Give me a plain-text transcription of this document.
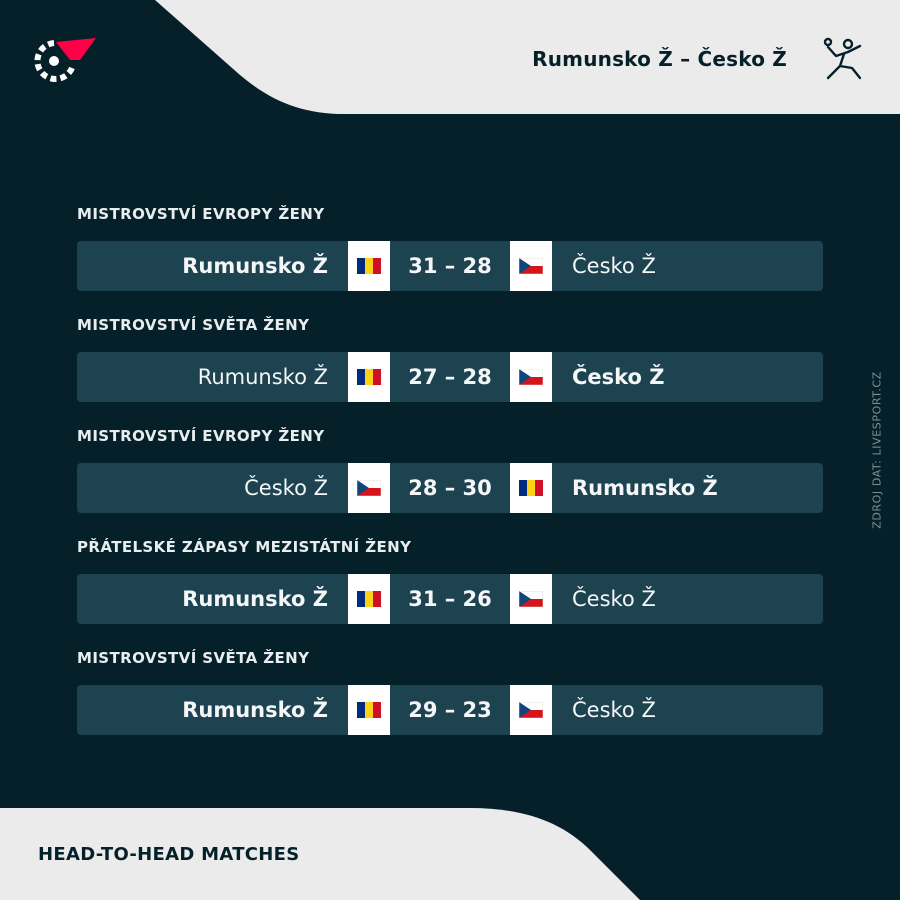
Rumunsko Ž – Česko Ž
ZDROJ DAT: LIVESPORT.CZ
MISTROVSTVÍ EVROPY ŽENY
Rumunsko Ž	31 – 28	Česko Ž
MISTROVSTVÍ SVĚTA ŽENY
Rumunsko Ž	27 – 28	Česko Ž
MISTROVSTVÍ EVROPY ŽENY
Česko Ž	28 – 30	Rumunsko Ž
PŘÁTELSKÉ ZÁPASY MEZISTÁTNÍ ŽENY
Rumunsko Ž	31 – 26	Česko Ž
MISTROVSTVÍ SVĚTA ŽENY
Rumunsko Ž	29 – 23	Česko Ž
HEAD-TO-HEAD MATCHES
